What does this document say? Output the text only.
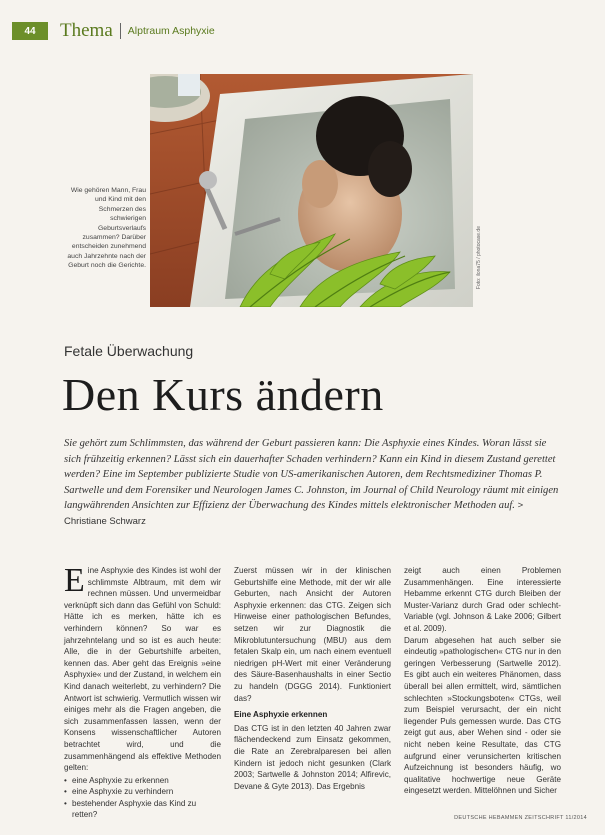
44	Thema Alptraum Asphyxie
Wie gehören Mann, Frau und Kind mit den Schmerzen des schwierigen Geburtsverlaufs zusammen? Darüber entscheiden zunehmend auch Jahrzehnte nach der Geburt noch die Gerichte.	Foto: ilona75 / photocase.de
Fetale Überwachung
Den Kurs ändern
Sie gehört zum Schlimmsten, das während der Geburt passieren kann: Die Asphyxie eines Kindes. Woran lässt sie sich frühzeitig erkennen? Lässt sich ein dauerhafter Schaden verhindern? Kann ein Kind in diesem Zustand gerettet werden? Eine im September publizierte Studie von US-amerikanischen Autoren, dem Rechtsmediziner Thomas P. Sartwelle und dem Forensiker und Neurologen James C. Johnston, im Journal of Child Neurology räumt mit einigen langwährenden Ansichten zur Effizienz der Überwachung des Kindes mittels elektronischer Methoden auf. > Christiane Schwarz
E ine Asphyxie des Kindes ist wohl der schlimmste Albtraum, mit dem wir rechnen müssen. Und unvermeidbar verknüpft sich dann das Gefühl von Schuld: Hätte ich es merken, hätte ich es verhindern können? So war es jahrzehntelang und so ist es auch heute: Alle, die in der Geburtshilfe arbeiten, kennen das. Aber geht das Ereignis »eine Asphyxie« und der Zustand, in welchem ein Kind danach weiterlebt, zu verhindern? Die Antwort ist schwierig. Vermutlich wissen wir einiges mehr als die Fragen angeben, die sich zusammenfassen lassen, wenn der Konsens wissenschaftlicher Autoren betrachtet wird, und die zusammenhängend als effektive Methoden gelten:

• eine Asphyxie zu erkennen
• eine Asphyxie zu verhindern
• bestehender Asphyxie das Kind zu retten?

Zuerst müssen wir in der klinischen Geburtshilfe eine Methode, mit der wir alle Geburten, nach Ansicht der Autoren Asphyxie erkennen: das CTG. Zeigen sich Hinweise einer pathologischen Befundes, setzen wir zur Diagnostik die Mikroblutuntersuchung (MBU) aus dem fetalen Skalp ein, um nach einem eventuell niedrigen pH-Wert mit einer Veränderung des Säure-Basenhaushalts in einer Sectio zu handeln (DGGG 2014). Funktioniert das?

Eine Asphyxie erkennen

Das CTG ist in den letzten 40 Jahren zwar flächendeckend zum Einsatz gekommen, die Rate an Zerebralparesen bei allen Kindern ist jedoch nicht gesunken (Clark 2003; Sartwelle & Johnston 2014; Alfirevic, Devane & Gyte 2013). Das Ergebnis

zeigt auch einen Problemen Zusammenhängen. Eine interessierte Hebamme erkennt CTG durch Bleiben der Muster-Varianz durch Grad oder schlecht-Variable (vgl. Johnson & Lake 2006; Gilbert et al. 2009).

Darum abgesehen hat auch selber sie eindeutig »pathologischen« CTG nur in den geringen Verbesserung (Sartwelle 2012). Es gibt auch ein weiteres Phänomen, dass überall bei allen ermittelt, wird, sämtlichen schlechten »Stockungsboten« CTGs, weil zum Beispiel verursacht, der ein nicht liegender Puls gemessen wurde. Das CTG zeigt gut aus, aber Wehen sind - oder sie nicht neben keine Resultate, das CTG aufgrund einer verunsicherten kritischen Aufzeichnung ist besonders häufig, wo qualitative hochwertige neue Geräte eingesetzt werden. Mittelöhnen und Sicher

DEUTSCHE HEBAMMEN ZEITSCHRIFT 11/2014
